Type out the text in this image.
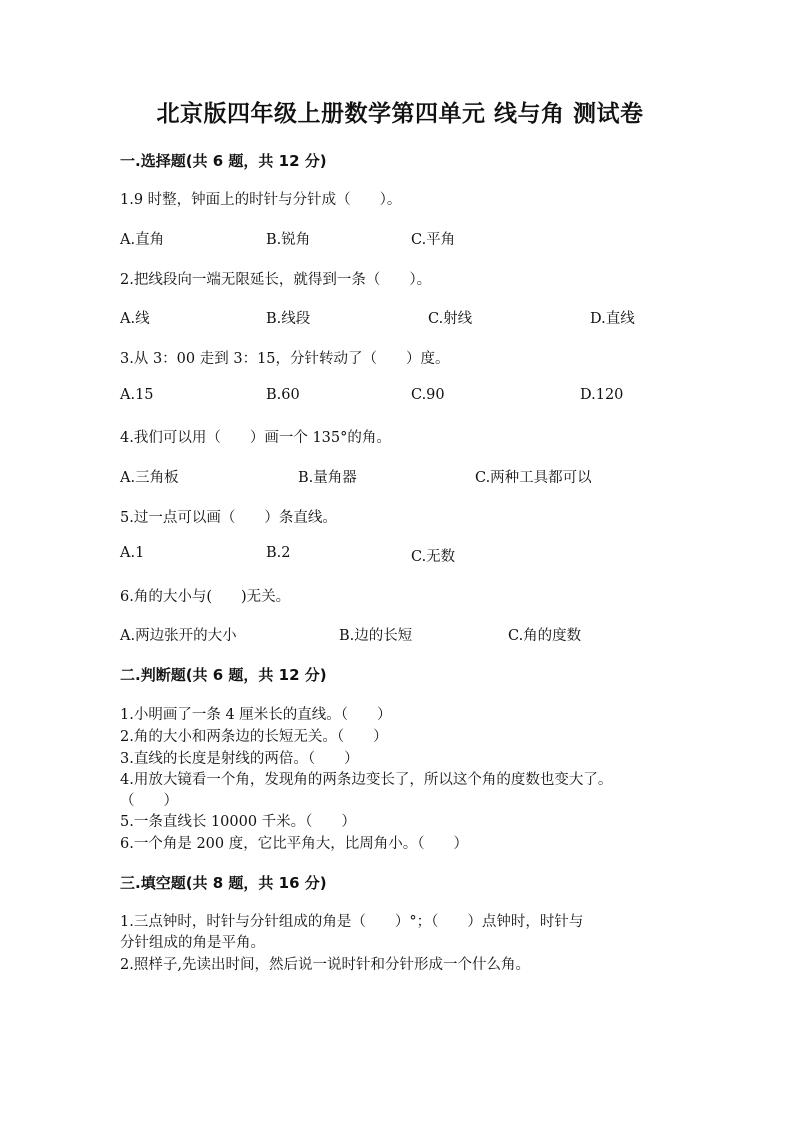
北京版四年级上册数学第四单元 线与角 测试卷
一.选择题(共 6 题，共 12 分)
1.9 时整，钟面上的时针与分针成（　　）。
A.直角	B.锐角	C.平角
2.把线段向一端无限延长，就得到一条（　　）。
A.线	B.线段	C.射线	D.直线
3.从 3：00 走到 3：15，分针转动了（　　）度。
A.15	B.60	C.90	D.120
4.我们可以用（　　）画一个 135°的角。
A.三角板	B.量角器	C.两种工具都可以
5.过一点可以画（　　）条直线。
A.1	B.2	C.无数
6.角的大小与(　　)无关。
A.两边张开的大小	B.边的长短	C.角的度数
二.判断题(共 6 题，共 12 分)
1.小明画了一条 4 厘米长的直线。（　　）
2.角的大小和两条边的长短无关。（　　）
3.直线的长度是射线的两倍。（　　）
4.用放大镜看一个角，发现角的两条边变长了，所以这个角的度数也变大了。
（　　）
5.一条直线长 10000 千米。（　　）
6.一个角是 200 度，它比平角大，比周角小。（　　）
三.填空题(共 8 题，共 16 分)
1.三点钟时，时针与分针组成的角是（　　）°；（　　）点钟时，时针与
分针组成的角是平角。
2.照样子,先读出时间，然后说一说时针和分针形成一个什么角。
